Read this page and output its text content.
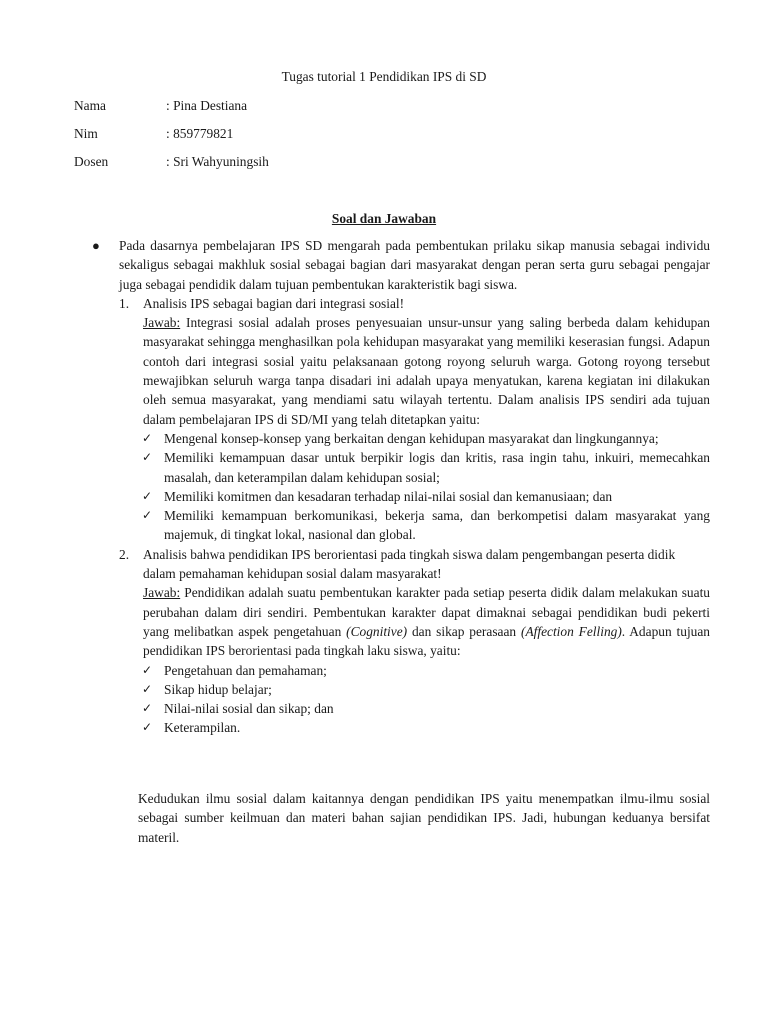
Tugas tutorial 1 Pendidikan IPS di SD
Nama	: Pina Destiana
Nim	: 859779821
Dosen	: Sri Wahyuningsih
Soal dan Jawaban
● Pada dasarnya pembelajaran IPS SD mengarah pada pembentukan prilaku sikap manusia sebagai individu sekaligus sebagai makhluk sosial sebagai bagian dari masyarakat dengan peran serta guru sebagai pengajar juga sebagai pendidik dalam tujuan pembentukan karakteristik bagi siswa.
1.	Analisis IPS sebagai bagian dari integrasi sosial!
Jawab: Integrasi sosial adalah proses penyesuaian unsur-unsur yang saling berbeda dalam kehidupan masyarakat sehingga menghasilkan pola kehidupan masyarakat yang memiliki keserasian fungsi. Adapun contoh dari integrasi sosial yaitu pelaksanaan gotong royong seluruh warga. Gotong royong tersebut mewajibkan seluruh warga tanpa disadari ini adalah upaya menyatukan, karena kegiatan ini dilakukan oleh semua masyarakat, yang mendiami satu wilayah tertentu. Dalam analisis IPS sendiri ada tujuan dalam pembelajaran IPS di SD/MI yang telah ditetapkan yaitu:
✓ Mengenal konsep-konsep yang berkaitan dengan kehidupan masyarakat dan lingkungannya;
✓ Memiliki kemampuan dasar untuk berpikir logis dan kritis, rasa ingin tahu, inkuiri, memecahkan masalah, dan keterampilan dalam kehidupan sosial;
✓ Memiliki komitmen dan kesadaran terhadap nilai-nilai sosial dan kemanusiaan; dan
✓ Memiliki kemampuan berkomunikasi, bekerja sama, dan berkompetisi dalam masyarakat yang majemuk, di tingkat lokal, nasional dan global.
2.	Analisis bahwa pendidikan IPS berorientasi pada tingkah siswa dalam pengembangan peserta didik dalam pemahaman kehidupan sosial dalam masyarakat!
Jawab: Pendidikan adalah suatu pembentukan karakter pada setiap peserta didik dalam melakukan suatu perubahan dalam diri sendiri. Pembentukan karakter dapat dimaknai sebagai pendidikan budi pekerti yang melibatkan aspek pengetahuan (Cognitive) dan sikap perasaan (Affection Felling). Adapun tujuan pendidikan IPS berorientasi pada tingkah laku siswa, yaitu:
✓ Pengetahuan dan pemahaman;
✓ Sikap hidup belajar;
✓ Nilai-nilai sosial dan sikap; dan
✓ Keterampilan.
Kedudukan ilmu sosial dalam kaitannya dengan pendidikan IPS yaitu menempatkan ilmu-ilmu sosial sebagai sumber keilmuan dan materi bahan sajian pendidikan IPS. Jadi, hubungan keduanya bersifat materil.
